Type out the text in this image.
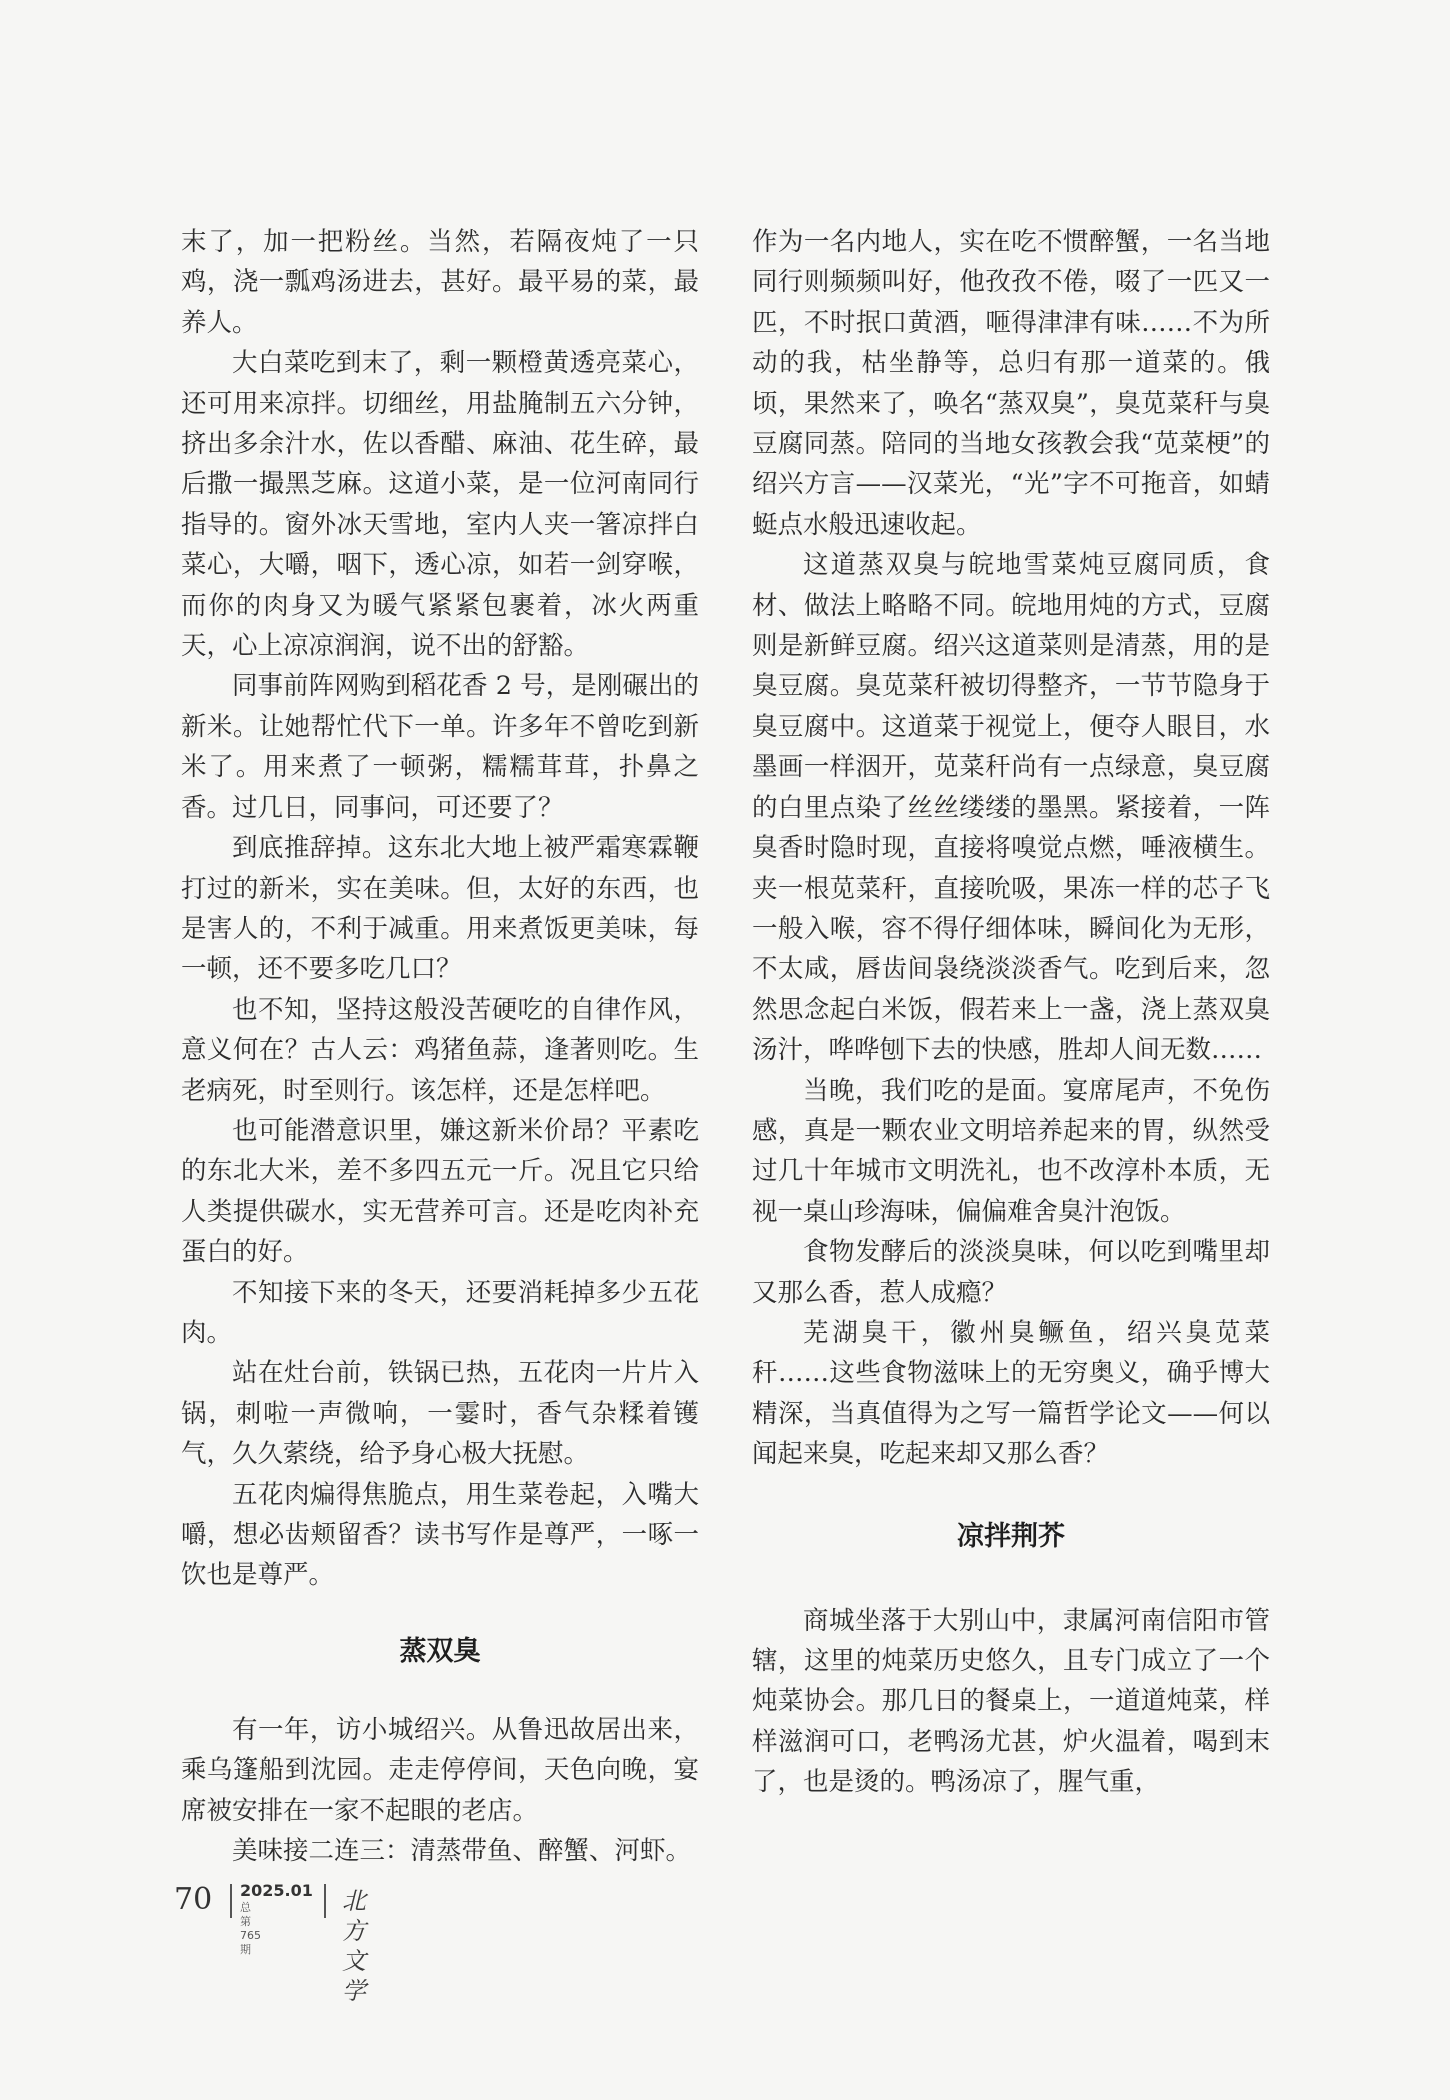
末了，加一把粉丝。当然，若隔夜炖了一只鸡，浇一瓢鸡汤进去，甚好。最平易的菜，最养人。

大白菜吃到末了，剩一颗橙黄透亮菜心，还可用来凉拌。切细丝，用盐腌制五六分钟，挤出多余汁水，佐以香醋、麻油、花生碎，最后撒一撮黑芝麻。这道小菜，是一位河南同行指导的。窗外冰天雪地，室内人夹一箸凉拌白菜心，大嚼，咽下，透心凉，如若一剑穿喉，而你的肉身又为暖气紧紧包裹着，冰火两重天，心上凉凉润润，说不出的舒豁。

同事前阵网购到稻花香 2 号，是刚碾出的新米。让她帮忙代下一单。许多年不曾吃到新米了。用来煮了一顿粥，糯糯茸茸，扑鼻之香。过几日，同事问，可还要了？

到底推辞掉。这东北大地上被严霜寒霖鞭打过的新米，实在美味。但，太好的东西，也是害人的，不利于减重。用来煮饭更美味，每一顿，还不要多吃几口？

也不知，坚持这般没苦硬吃的自律作风，意义何在？古人云：鸡猪鱼蒜，逢著则吃。生老病死，时至则行。该怎样，还是怎样吧。

也可能潜意识里，嫌这新米价昂？平素吃的东北大米，差不多四五元一斤。况且它只给人类提供碳水，实无营养可言。还是吃肉补充蛋白的好。

不知接下来的冬天，还要消耗掉多少五花肉。

站在灶台前，铁锅已热，五花肉一片片入锅，刺啦一声微响，一霎时，香气杂糅着镬气，久久萦绕，给予身心极大抚慰。

五花肉煸得焦脆点，用生菜卷起，入嘴大嚼，想必齿颊留香？读书写作是尊严，一啄一饮也是尊严。

蒸双臭

有一年，访小城绍兴。从鲁迅故居出来，乘乌篷船到沈园。走走停停间，天色向晚，宴席被安排在一家不起眼的老店。

美味接二连三：清蒸带鱼、醉蟹、河虾。

作为一名内地人，实在吃不惯醉蟹，一名当地同行则频频叫好，他孜孜不倦，啜了一匹又一匹，不时抿口黄酒，咂得津津有味……不为所动的我，枯坐静等，总归有那一道菜的。俄顷，果然来了，唤名“蒸双臭”，臭苋菜秆与臭豆腐同蒸。陪同的当地女孩教会我“苋菜梗”的绍兴方言——汉菜光，“光”字不可拖音，如蜻蜓点水般迅速收起。

这道蒸双臭与皖地雪菜炖豆腐同质，食材、做法上略略不同。皖地用炖的方式，豆腐则是新鲜豆腐。绍兴这道菜则是清蒸，用的是臭豆腐。臭苋菜秆被切得整齐，一节节隐身于臭豆腐中。这道菜于视觉上，便夺人眼目，水墨画一样洇开，苋菜秆尚有一点绿意，臭豆腐的白里点染了丝丝缕缕的墨黑。紧接着，一阵臭香时隐时现，直接将嗅觉点燃，唾液横生。夹一根苋菜秆，直接吮吸，果冻一样的芯子飞一般入喉，容不得仔细体味，瞬间化为无形，不太咸，唇齿间袅绕淡淡香气。吃到后来，忽然思念起白米饭，假若来上一盏，浇上蒸双臭汤汁，哗哗刨下去的快感，胜却人间无数……

当晚，我们吃的是面。宴席尾声，不免伤感，真是一颗农业文明培养起来的胃，纵然受过几十年城市文明洗礼，也不改淳朴本质，无视一桌山珍海味，偏偏难舍臭汁泡饭。

食物发酵后的淡淡臭味，何以吃到嘴里却又那么香，惹人成瘾？

芜湖臭干，徽州臭鳜鱼，绍兴臭苋菜秆……这些食物滋味上的无穷奥义，确乎博大精深，当真值得为之写一篇哲学论文——何以闻起来臭，吃起来却又那么香？

凉拌荆芥

商城坐落于大别山中，隶属河南信阳市管辖，这里的炖菜历史悠久，且专门成立了一个炖菜协会。那几日的餐桌上，一道道炖菜，样样滋润可口，老鸭汤尤甚，炉火温着，喝到末了，也是烫的。鸭汤凉了，腥气重，

70 2025.01
总第765期
北方文学
